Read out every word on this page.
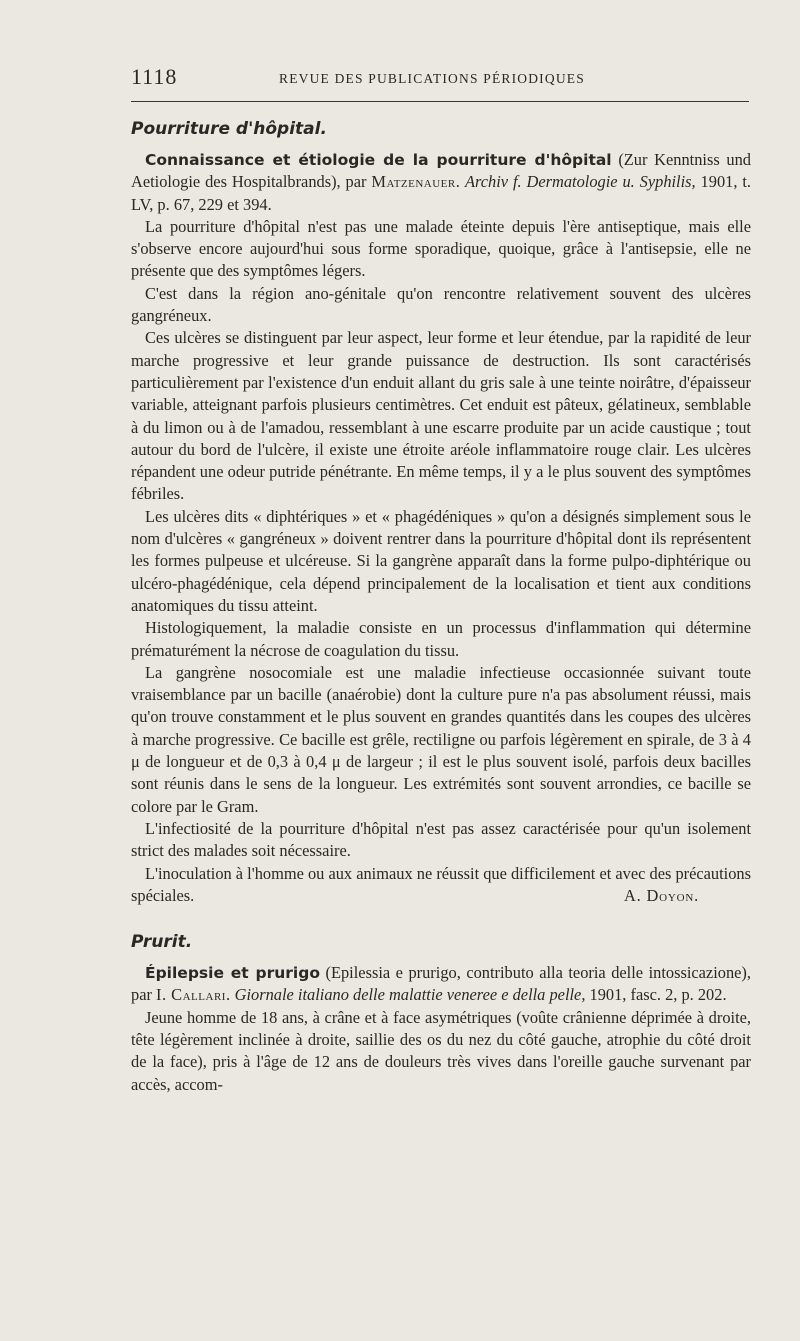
1118	REVUE DES PUBLICATIONS PÉRIODIQUES
Pourriture d'hôpital.

Connaissance et étiologie de la pourriture d'hôpital (Zur Kenntniss und Aetiologie des Hospitalbrands), par Matzenauer. Archiv f. Dermatologie u. Syphilis, 1901, t. LV, p. 67, 229 et 394.

La pourriture d'hôpital n'est pas une malade éteinte depuis l'ère antiseptique, mais elle s'observe encore aujourd'hui sous forme sporadique, quoique, grâce à l'antisepsie, elle ne présente que des symptômes légers.

C'est dans la région ano-génitale qu'on rencontre relativement souvent des ulcères gangréneux.

Ces ulcères se distinguent par leur aspect, leur forme et leur étendue, par la rapidité de leur marche progressive et leur grande puissance de destruction. Ils sont caractérisés particulièrement par l'existence d'un enduit allant du gris sale à une teinte noirâtre, d'épaisseur variable, atteignant parfois plusieurs centimètres. Cet enduit est pâteux, gélatineux, semblable à du limon ou à de l'amadou, ressemblant à une escarre produite par un acide caustique ; tout autour du bord de l'ulcère, il existe une étroite aréole inflammatoire rouge clair. Les ulcères répandent une odeur putride pénétrante. En même temps, il y a le plus souvent des symptômes fébriles.

Les ulcères dits « diphtériques » et « phagédéniques » qu'on a désignés simplement sous le nom d'ulcères « gangréneux » doivent rentrer dans la pourriture d'hôpital dont ils représentent les formes pulpeuse et ulcéreuse. Si la gangrène apparaît dans la forme pulpo-diphtérique ou ulcéro-phagédénique, cela dépend principalement de la localisation et tient aux conditions anatomiques du tissu atteint.

Histologiquement, la maladie consiste en un processus d'inflammation qui détermine prématurément la nécrose de coagulation du tissu.

La gangrène nosocomiale est une maladie infectieuse occasionnée suivant toute vraisemblance par un bacille (anaérobie) dont la culture pure n'a pas absolument réussi, mais qu'on trouve constamment et le plus souvent en grandes quantités dans les coupes des ulcères à marche progressive. Ce bacille est grêle, rectiligne ou parfois légèrement en spirale, de 3 à 4 μ de longueur et de 0,3 à 0,4 μ de largeur ; il est le plus souvent isolé, parfois deux bacilles sont réunis dans le sens de la longueur. Les extrémités sont souvent arrondies, ce bacille se colore par le Gram.

L'infectiosité de la pourriture d'hôpital n'est pas assez caractérisée pour qu'un isolement strict des malades soit nécessaire.

L'inoculation à l'homme ou aux animaux ne réussit que difficilement et avec des précautions spéciales.	A. Doyon.

Prurit.

Épilepsie et prurigo (Epilessia e prurigo, contributo alla teoria delle intossicazione), par I. Callari. Giornale italiano delle malattie veneree e della pelle, 1901, fasc. 2, p. 202.

Jeune homme de 18 ans, à crâne et à face asymétriques (voûte crânienne déprimée à droite, tête légèrement inclinée à droite, saillie des os du nez du côté gauche, atrophie du côté droit de la face), pris à l'âge de 12 ans de douleurs très vives dans l'oreille gauche survenant par accès, accom-
